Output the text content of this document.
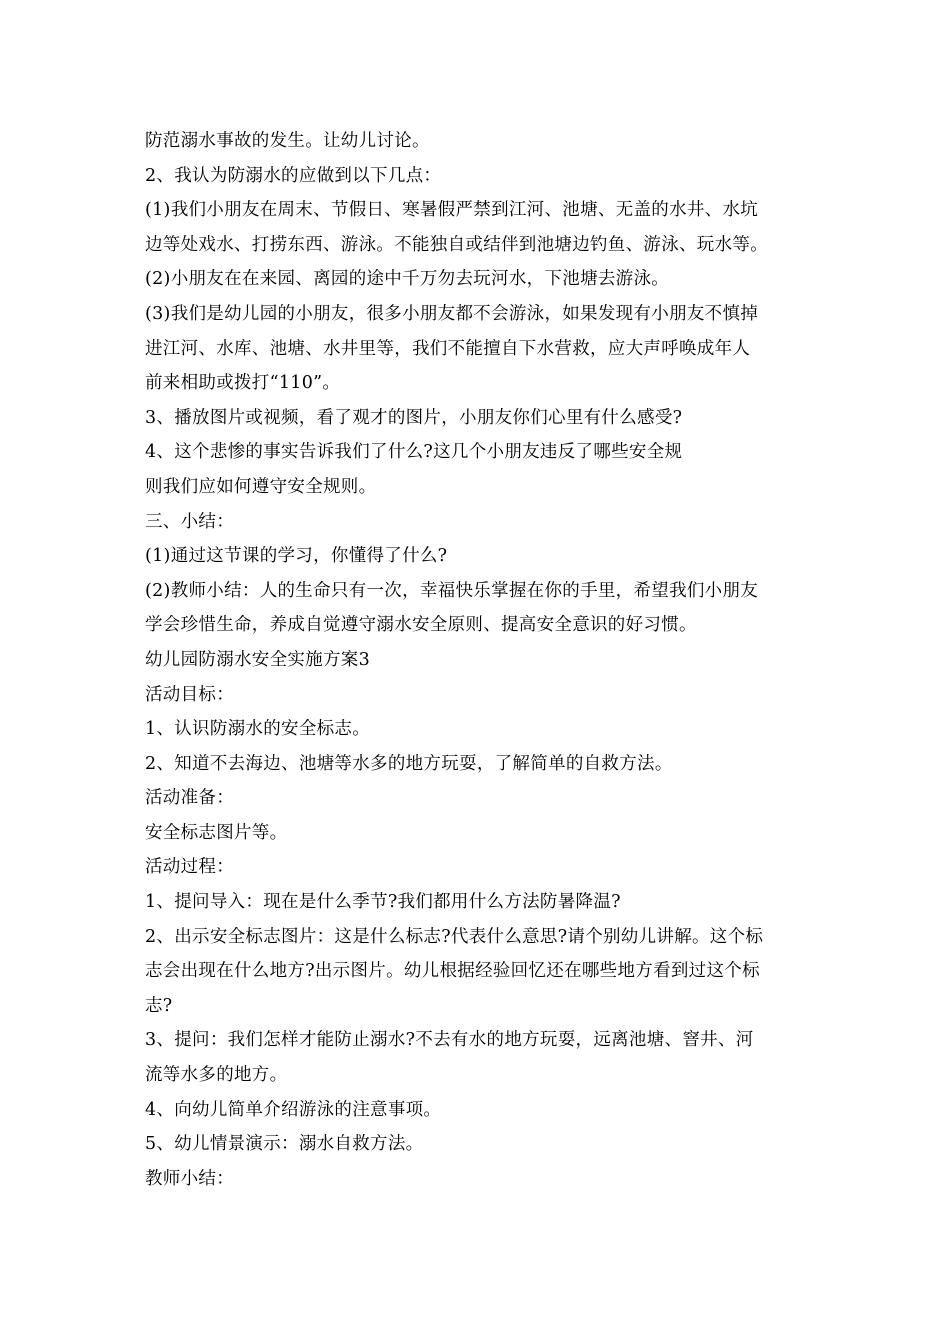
防范溺水事故的发生。让幼儿讨论。
2、我认为防溺水的应做到以下几点：
(1)我们小朋友在周末、节假日、寒暑假严禁到江河、池塘、无盖的水井、水坑
边等处戏水、打捞东西、游泳。不能独自或结伴到池塘边钓鱼、游泳、玩水等。
(2)小朋友在在来园、离园的途中千万勿去玩河水，下池塘去游泳。
(3)我们是幼儿园的小朋友，很多小朋友都不会游泳，如果发现有小朋友不慎掉
进江河、水库、池塘、水井里等，我们不能擅自下水营救，应大声呼唤成年人
前来相助或拨打“110”。
3、播放图片或视频，看了观才的图片，小朋友你们心里有什么感受?
4、这个悲惨的事实告诉我们了什么?这几个小朋友违反了哪些安全规
则我们应如何遵守安全规则。
三、小结：
(1)通过这节课的学习，你懂得了什么?
(2)教师小结：人的生命只有一次，幸福快乐掌握在你的手里，希望我们小朋友
学会珍惜生命，养成自觉遵守溺水安全原则、提高安全意识的好习惯。
幼儿园防溺水安全实施方案3
活动目标：
1、认识防溺水的安全标志。
2、知道不去海边、池塘等水多的地方玩耍，了解简单的自救方法。
活动准备：
安全标志图片等。
活动过程：
1、提问导入：现在是什么季节?我们都用什么方法防暑降温?
2、出示安全标志图片：这是什么标志?代表什么意思?请个别幼儿讲解。这个标
志会出现在什么地方?出示图片。幼儿根据经验回忆还在哪些地方看到过这个标
志?
3、提问：我们怎样才能防止溺水?不去有水的地方玩耍，远离池塘、窨井、河
流等水多的地方。
4、向幼儿简单介绍游泳的注意事项。
5、幼儿情景演示：溺水自救方法。
教师小结：
